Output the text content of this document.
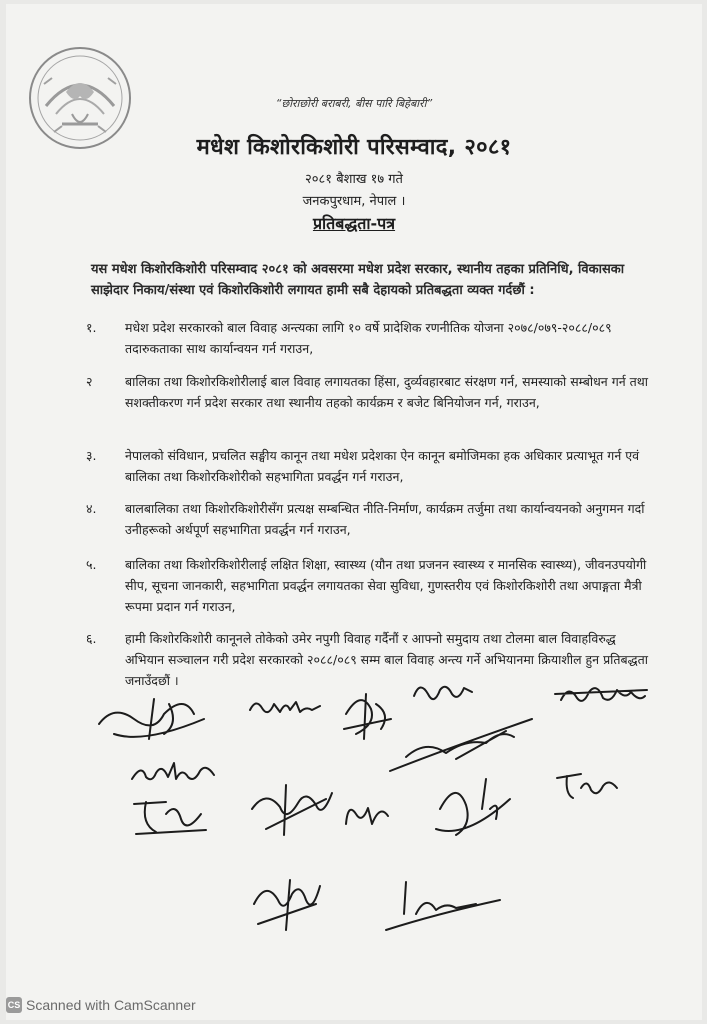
“छोराछोरी बराबरी, बीस पारि बिहेबारी”
मधेश किशोरकिशोरी परिसम्वाद, २०८१
२०८१ बैशाख १७ गते
जनकपुरधाम, नेपाल ।
प्रतिबद्धता-पत्र
यस मधेश किशोरकिशोरी परिसम्वाद २०८१ को अवसरमा मधेश प्रदेश सरकार, स्थानीय तहका प्रतिनिधि, विकासका साझेदार निकाय/संस्था एवं किशोरकिशोरी लगायत हामी सबै देहायको प्रतिबद्धता व्यक्त गर्दछौं :
१. मधेश प्रदेश सरकारको बाल विवाह अन्त्यका लागि १० वर्षे प्रादेशिक रणनीतिक योजना २०७८/०७९-२०८८/०८९ तदारुकताका साथ कार्यान्वयन गर्न गराउन,
२	बालिका तथा किशोरकिशोरीलाई बाल विवाह लगायतका हिंसा, दुर्व्यवहारबाट संरक्षण गर्न, समस्याको सम्बोधन गर्न तथा सशक्तीकरण गर्न प्रदेश सरकार तथा स्थानीय तहको कार्यक्रम र बजेट बिनियोजन गर्न, गराउन,
३. नेपालको संविधान, प्रचलित सङ्घीय कानून तथा मधेश प्रदेशका ऐन कानून बमोजिमका हक अधिकार प्रत्याभूत गर्न एवं बालिका तथा किशोरकिशोरीको सहभागिता प्रवर्द्धन गर्न गराउन,
४. बालबालिका तथा किशोरकिशोरीसँग प्रत्यक्ष सम्बन्धित नीति-निर्माण, कार्यक्रम तर्जुमा तथा कार्यान्वयनको अनुगमन गर्दा उनीहरूको अर्थपूर्ण सहभागिता प्रवर्द्धन गर्न गराउन,
५. बालिका तथा किशोरकिशोरीलाई लक्षित शिक्षा, स्वास्थ्य (यौन तथा प्रजनन स्वास्थ्य र मानसिक स्वास्थ्य), जीवनउपयोगी सीप, सूचना जानकारी, सहभागिता प्रवर्द्धन लगायतका सेवा सुविधा, गुणस्तरीय एवं किशोरकिशोरी तथा अपाङ्गता मैत्री रूपमा प्रदान गर्न गराउन,
६. हामी किशोरकिशोरी कानूनले तोकेको उमेर नपुगी विवाह गर्दैनौं र आफ्नो समुदाय तथा टोलमा बाल विवाहविरुद्ध अभियान सञ्चालन गरी प्रदेश सरकारको २०८८/०८९ सम्म बाल विवाह अन्त्य गर्ने अभियानमा क्रियाशील हुन प्रतिबद्धता जनाउँदछौं ।
CS Scanned with CamScanner
